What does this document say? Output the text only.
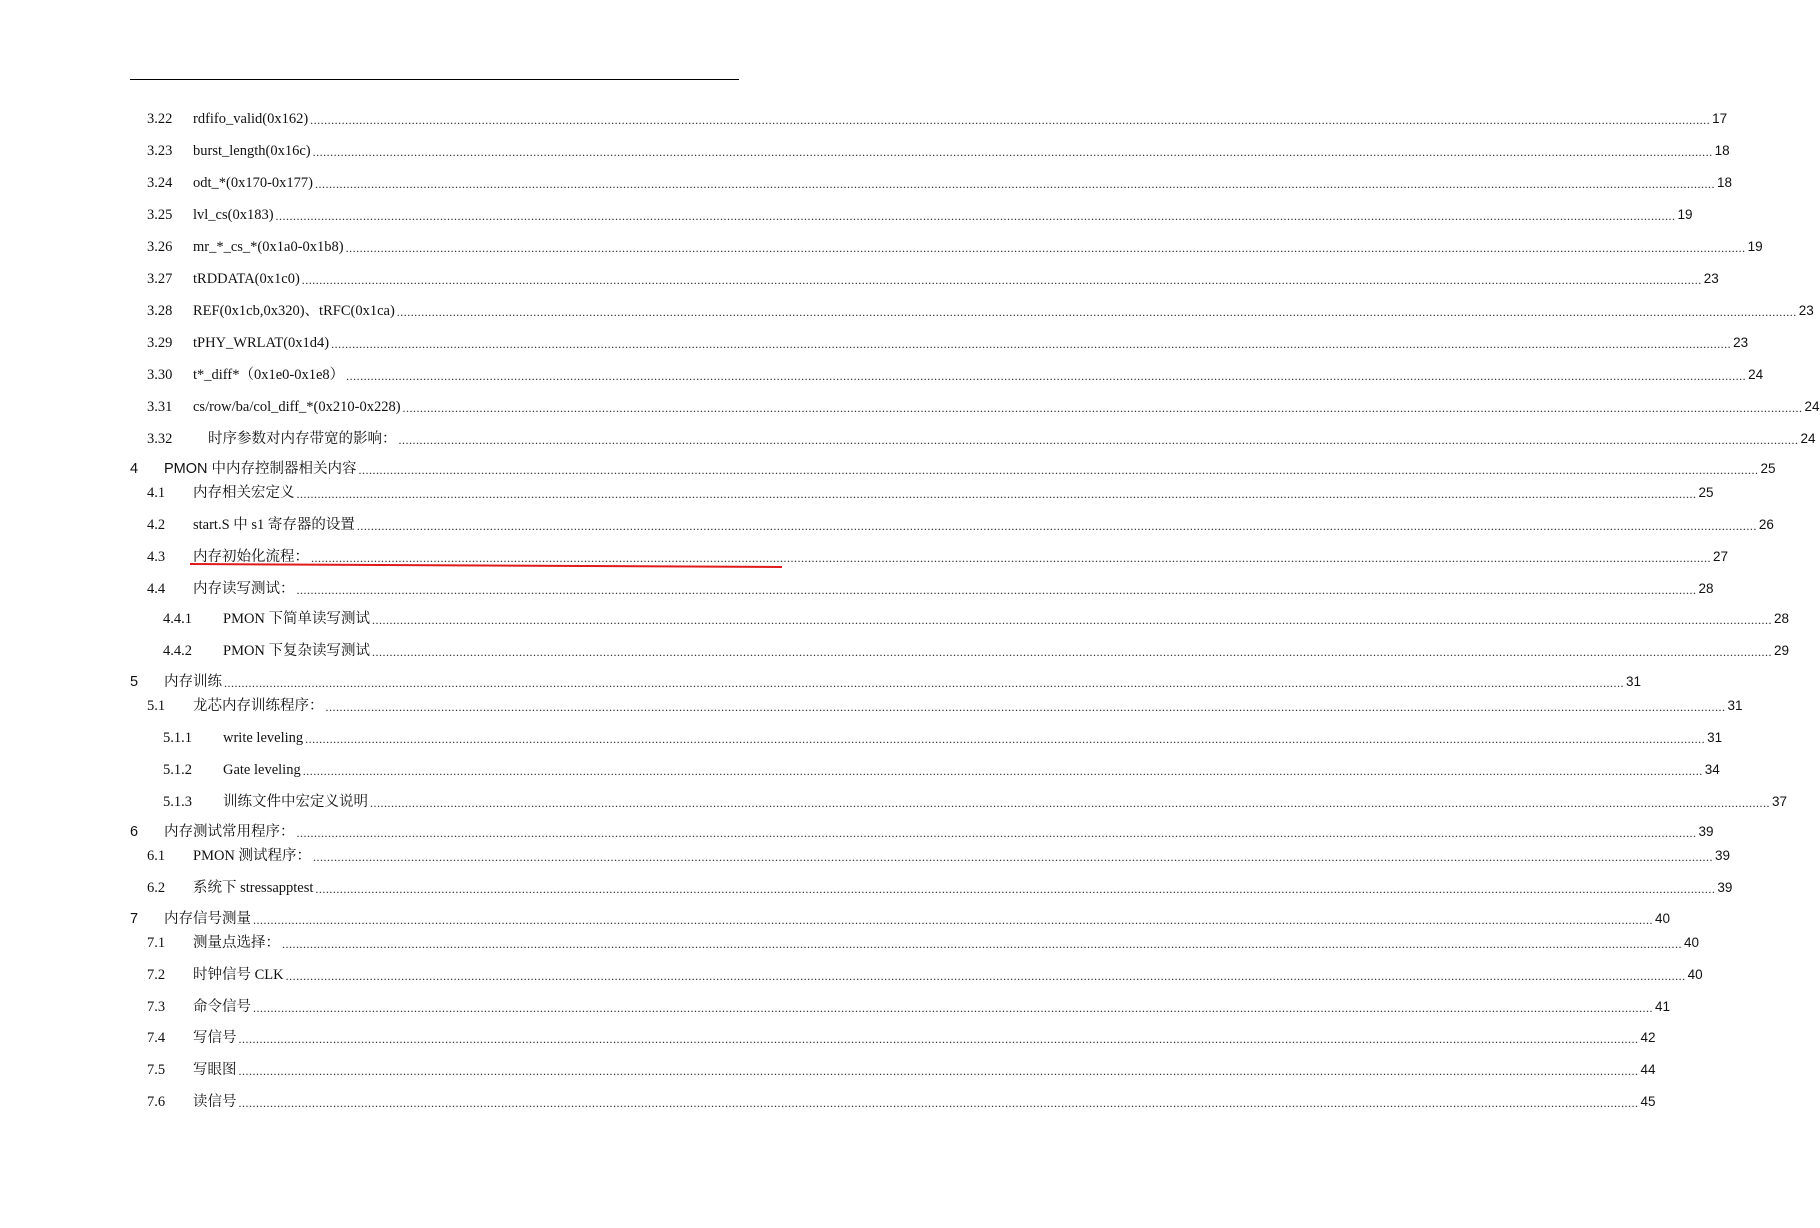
3.22	rdfifo_valid(0x162) ................................................................................................................................................................................................................................................................................................................................................................................................................ 17
3.23	burst_length(0x16c) ................................................................................................................................................................................................................................................................................................................................................................................................................ 18
3.24	odt_*(0x170-0x177) ................................................................................................................................................................................................................................................................................................................................................................................................................ 18
3.25	lvl_cs(0x183) ................................................................................................................................................................................................................................................................................................................................................................................................................ 19
3.26	mr_*_cs_*(0x1a0-0x1b8) ................................................................................................................................................................................................................................................................................................................................................................................................................ 19
3.27	tRDDATA(0x1c0) ................................................................................................................................................................................................................................................................................................................................................................................................................ 23
3.28	REF(0x1cb,0x320)、tRFC(0x1ca) ................................................................................................................................................................................................................................................................................................................................................................................................................ 23
3.29	tPHY_WRLAT(0x1d4) ................................................................................................................................................................................................................................................................................................................................................................................................................ 23
3.30	t*_diff*（0x1e0-0x1e8） ................................................................................................................................................................................................................................................................................................................................................................................................................ 24
3.31	cs/row/ba/col_diff_*(0x210-0x228) ................................................................................................................................................................................................................................................................................................................................................................................................................ 24
3.32	时序参数对内存带宽的影响： ................................................................................................................................................................................................................................................................................................................................................................................................................ 24
4	PMON 中内存控制器相关内容 ................................................................................................................................................................................................................................................................................................................................................................................................................ 25
4.1	内存相关宏定义 ................................................................................................................................................................................................................................................................................................................................................................................................................ 25
4.2	start.S 中 s1 寄存器的设置 ................................................................................................................................................................................................................................................................................................................................................................................................................ 26
4.3	内存初始化流程： ................................................................................................................................................................................................................................................................................................................................................................................................................ 27
4.4	内存读写测试： ................................................................................................................................................................................................................................................................................................................................................................................................................ 28
4.4.1	PMON 下简单读写测试 ................................................................................................................................................................................................................................................................................................................................................................................................................ 28
4.4.2	PMON 下复杂读写测试 ................................................................................................................................................................................................................................................................................................................................................................................................................ 29
5	内存训练 ................................................................................................................................................................................................................................................................................................................................................................................................................ 31
5.1	龙芯内存训练程序： ................................................................................................................................................................................................................................................................................................................................................................................................................ 31
5.1.1	write leveling ................................................................................................................................................................................................................................................................................................................................................................................................................ 31
5.1.2	Gate leveling ................................................................................................................................................................................................................................................................................................................................................................................................................ 34
5.1.3	训练文件中宏定义说明 ................................................................................................................................................................................................................................................................................................................................................................................................................ 37
6	内存测试常用程序： ................................................................................................................................................................................................................................................................................................................................................................................................................ 39
6.1	PMON 测试程序： ................................................................................................................................................................................................................................................................................................................................................................................................................ 39
6.2	系统下 stressapptest ................................................................................................................................................................................................................................................................................................................................................................................................................ 39
7	内存信号测量 ................................................................................................................................................................................................................................................................................................................................................................................................................ 40
7.1	测量点选择： ................................................................................................................................................................................................................................................................................................................................................................................................................ 40
7.2	时钟信号 CLK ................................................................................................................................................................................................................................................................................................................................................................................................................ 40
7.3	命令信号 ................................................................................................................................................................................................................................................................................................................................................................................................................ 41
7.4	写信号 ................................................................................................................................................................................................................................................................................................................................................................................................................ 42
7.5	写眼图 ................................................................................................................................................................................................................................................................................................................................................................................................................ 44
7.6	读信号 ................................................................................................................................................................................................................................................................................................................................................................................................................ 45
